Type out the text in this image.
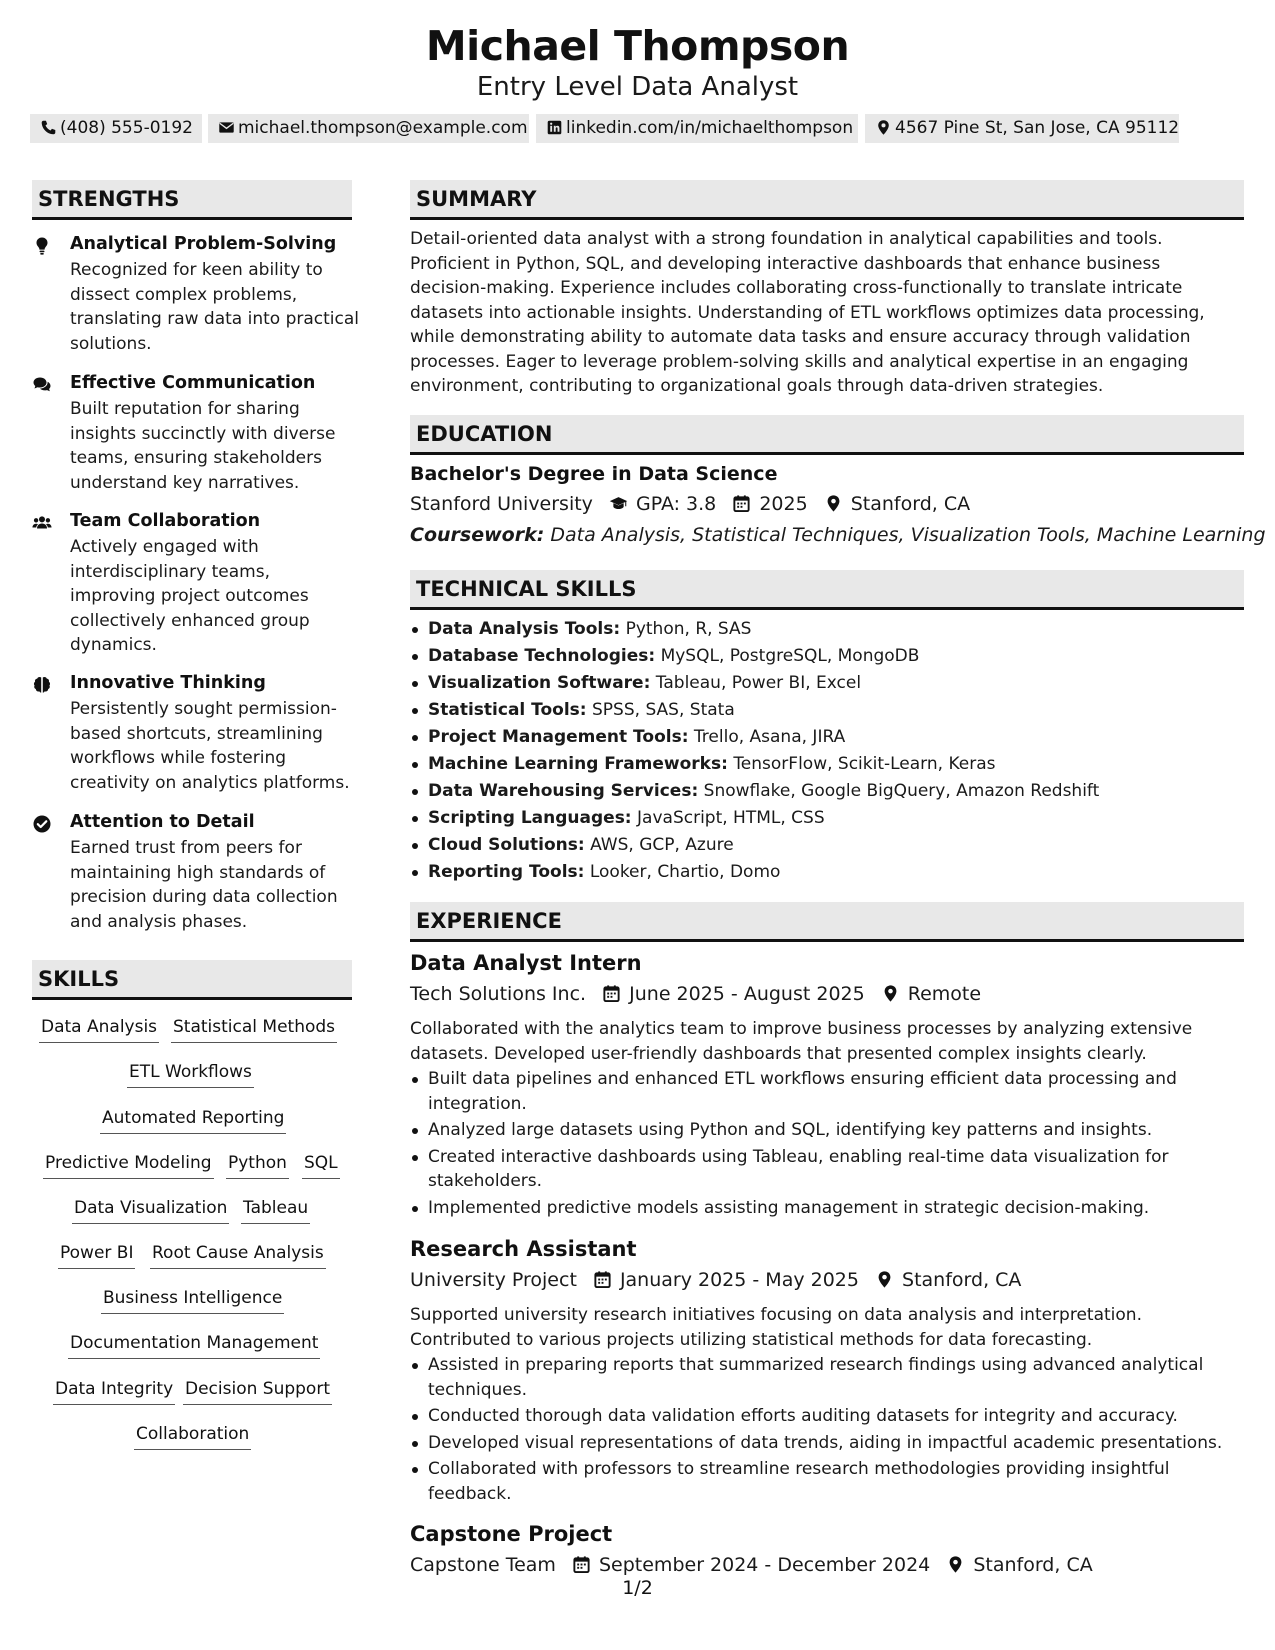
Michael Thompson
Entry Level Data Analyst
(408) 555-0192	michael.thompson@example.com	linkedin.com/in/michaelthompson	4567 Pine St, San Jose, CA 95112
STRENGTHS
Analytical Problem-Solving
Recognized for keen ability to dissect complex problems, translating raw data into practical solutions.
Effective Communication
Built reputation for sharing insights succinctly with diverse teams, ensuring stakeholders understand key narratives.
Team Collaboration
Actively engaged with interdisciplinary teams, improving project outcomes collectively enhanced group dynamics.
Innovative Thinking
Persistently sought permission-based shortcuts, streamlining workflows while fostering creativity on analytics platforms.
Attention to Detail
Earned trust from peers for maintaining high standards of precision during data collection and analysis phases.
SKILLS
Data Analysis Statistical Methods
ETL Workflows
Automated Reporting
Predictive Modeling Python SQL
Data Visualization Tableau
Power BI Root Cause Analysis
Business Intelligence
Documentation Management
Data Integrity Decision Support
Collaboration
SUMMARY
Detail-oriented data analyst with a strong foundation in analytical capabilities and tools. Proficient in Python, SQL, and developing interactive dashboards that enhance business decision-making. Experience includes collaborating cross-functionally to translate intricate datasets into actionable insights. Understanding of ETL workflows optimizes data processing, while demonstrating ability to automate data tasks and ensure accuracy through validation processes. Eager to leverage problem-solving skills and analytical expertise in an engaging environment, contributing to organizational goals through data-driven strategies.
EDUCATION
Bachelor's Degree in Data Science
Stanford University GPA: 3.8 2025 Stanford, CA
Coursework: Data Analysis, Statistical Techniques, Visualization Tools, Machine Learning
TECHNICAL SKILLS
Data Analysis Tools: Python, R, SAS
Database Technologies: MySQL, PostgreSQL, MongoDB
Visualization Software: Tableau, Power BI, Excel
Statistical Tools: SPSS, SAS, Stata
Project Management Tools: Trello, Asana, JIRA
Machine Learning Frameworks: TensorFlow, Scikit-Learn, Keras
Data Warehousing Services: Snowflake, Google BigQuery, Amazon Redshift
Scripting Languages: JavaScript, HTML, CSS
Cloud Solutions: AWS, GCP, Azure
Reporting Tools: Looker, Chartio, Domo
EXPERIENCE
Data Analyst Intern
Tech Solutions Inc. June 2025 - August 2025 Remote
Collaborated with the analytics team to improve business processes by analyzing extensive datasets. Developed user-friendly dashboards that presented complex insights clearly.
Built data pipelines and enhanced ETL workflows ensuring efficient data processing and integration.
Analyzed large datasets using Python and SQL, identifying key patterns and insights.
Created interactive dashboards using Tableau, enabling real-time data visualization for stakeholders.
Implemented predictive models assisting management in strategic decision-making.
Research Assistant
University Project January 2025 - May 2025 Stanford, CA
Supported university research initiatives focusing on data analysis and interpretation. Contributed to various projects utilizing statistical methods for data forecasting.
Assisted in preparing reports that summarized research findings using advanced analytical techniques.
Conducted thorough data validation efforts auditing datasets for integrity and accuracy.
Developed visual representations of data trends, aiding in impactful academic presentations.
Collaborated with professors to streamline research methodologies providing insightful feedback.
Capstone Project
Capstone Team September 2024 - December 2024 Stanford, CA
1/2
